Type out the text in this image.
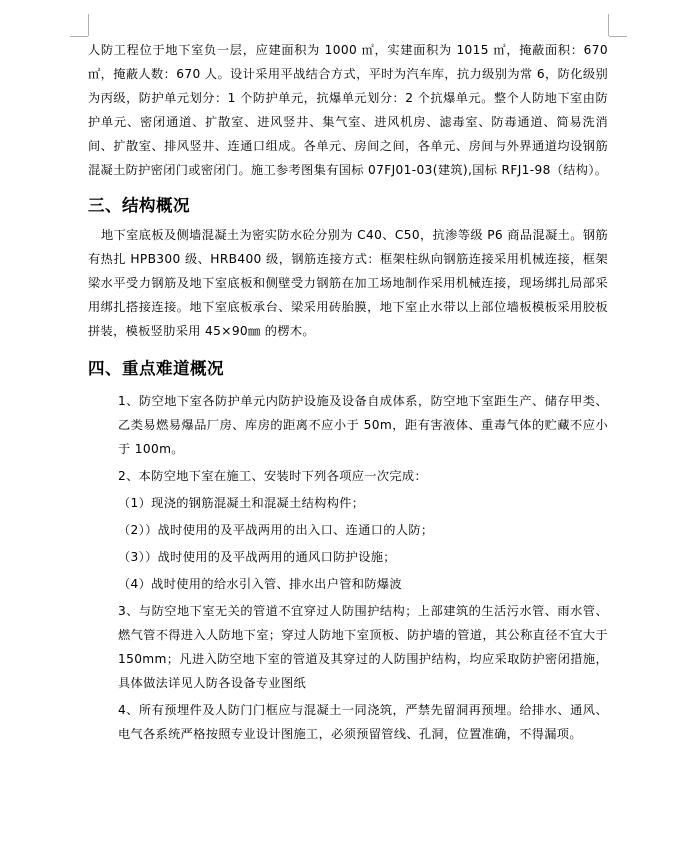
人防工程位于地下室负一层，应建面积为 1000 ㎡，实建面积为 1015 ㎡，掩蔽面积：670 ㎡，掩蔽人数：670 人。设计采用平战结合方式，平时为汽车库，抗力级别为常 6，防化级别为丙级，防护单元划分：1 个防护单元，抗爆单元划分：2 个抗爆单元。整个人防地下室由防护单元、密闭通道、扩散室、进风竖井、集气室、进风机房、滤毒室、防毒通道、简易洗消间、扩散室、排风竖井、连通口组成。各单元、房间之间，各单元、房间与外界通道均设钢筋混凝土防护密闭门或密闭门。施工参考图集有国标 07FJ01-03(建筑),国标 RFJ1-98（结构）。

三、结构概况

地下室底板及侧墙混凝土为密实防水砼分别为 C40、C50，抗渗等级 P6 商品混凝土。钢筋有热扎 HPB300 级、HRB400 级，钢筋连接方式：框架柱纵向钢筋连接采用机械连接，框架梁水平受力钢筋及地下室底板和侧壁受力钢筋在加工场地制作采用机械连接，现场绑扎局部采用绑扎搭接连接。地下室底板承台、梁采用砖胎膜，地下室止水带以上部位墙板模板采用胶板拼装，模板竖肋采用 45×90㎜ 的楞木。

四、重点难道概况

1、防空地下室各防护单元内防护设施及设备自成体系，防空地下室距生产、储存甲类、乙类易燃易爆品厂房、库房的距离不应小于 50m，距有害液体、重毒气体的贮藏不应小于 100m。

2、本防空地下室在施工、安装时下列各项应一次完成：

（1）现浇的钢筋混凝土和混凝土结构构件；

（2））战时使用的及平战两用的出入口、连通口的人防；

（3））战时使用的及平战两用的通风口防护设施；

（4）战时使用的给水引入管、排水出户管和防爆波

3、与防空地下室无关的管道不宜穿过人防围护结构；上部建筑的生活污水管、雨水管、燃气管不得进入人防地下室；穿过人防地下室顶板、防护墙的管道，其公称直径不宜大于 150mm；凡进入防空地下室的管道及其穿过的人防围护结构，均应采取防护密闭措施，具体做法详见人防各设备专业图纸

4、所有预埋件及人防门门框应与混凝土一同浇筑，严禁先留洞再预埋。给排水、通风、电气各系统严格按照专业设计图施工，必须预留管线、孔洞，位置准确，不得漏项。
